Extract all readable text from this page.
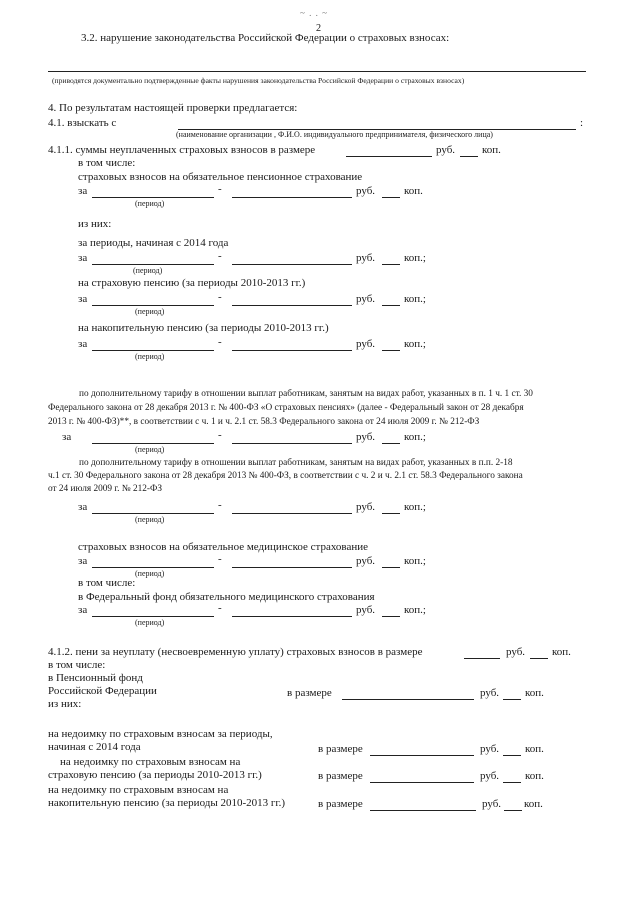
~ . . ~
2
3.2. нарушение законодательства Российской Федерации о страховых взносах:
(приводятся документально подтвержденные факты нарушения законодательства Российской Федерации о страховых взносах)
4. По результатам настоящей проверки предлагается:
4.1. взыскать с	:
(наименование организации , Ф.И.О. индивидуального предпринимателя, физического лица)
4.1.1. суммы неуплаченных страховых взносов в размере	руб. коп.
в том числе:
страховых взносов на обязательное пенсионное страхование
за	-	руб.	коп.
(период)
из них:
за периоды, начиная с 2014 года
за	-	руб.	коп.;
(период)
на страховую пенсию (за периоды 2010-2013 гг.)
за	-	руб.	коп.;
(период)
на накопительную пенсию (за периоды 2010-2013 гг.)
за	-	руб.	коп.;
(период)
по дополнительному тарифу в отношении выплат работникам, занятым на видах работ, указанных в п. 1 ч. 1 ст. 30
Федерального закона от 28 декабря 2013 г. № 400-ФЗ «О страховых пенсиях» (далее - Федеральный закон от 28 декабря
2013 г. № 400-ФЗ)**, в соответствии с ч. 1 и ч. 2.1 ст. 58.3 Федерального закона от 24 июля 2009 г. № 212-ФЗ
за	-	руб.	коп.;
(период)
по дополнительному тарифу в отношении выплат работникам, занятым на видах работ, указанных в п.п. 2-18
ч.1 ст. 30 Федерального закона от 28 декабря 2013 № 400-ФЗ, в соответствии с ч. 2 и ч. 2.1 ст. 58.3 Федерального закона
от 24 июля 2009 г. № 212-ФЗ
за	-	руб.	коп.;
(период)
страховых взносов на обязательное медицинское страхование
за	-	руб.	коп.;
(период)
в том числе:
в Федеральный фонд обязательного медицинского страхования
за	-	руб.	коп.;
(период)
4.1.2. пени за неуплату (несвоевременную уплату) страховых взносов в размере	руб. коп.
в том числе:
в Пенсионный фонд
Российской Федерации	в размере	руб. коп.
из них:
на недоимку по страховым взносам за периоды,
начиная с 2014 года	в размере	руб. коп.
на недоимку по страховым взносам на
страховую пенсию (за периоды 2010-2013 гг.)	в размере	руб. коп.
на недоимку по страховым взносам на
накопительную пенсию (за периоды 2010-2013 гг.)	в размере	руб. коп.
